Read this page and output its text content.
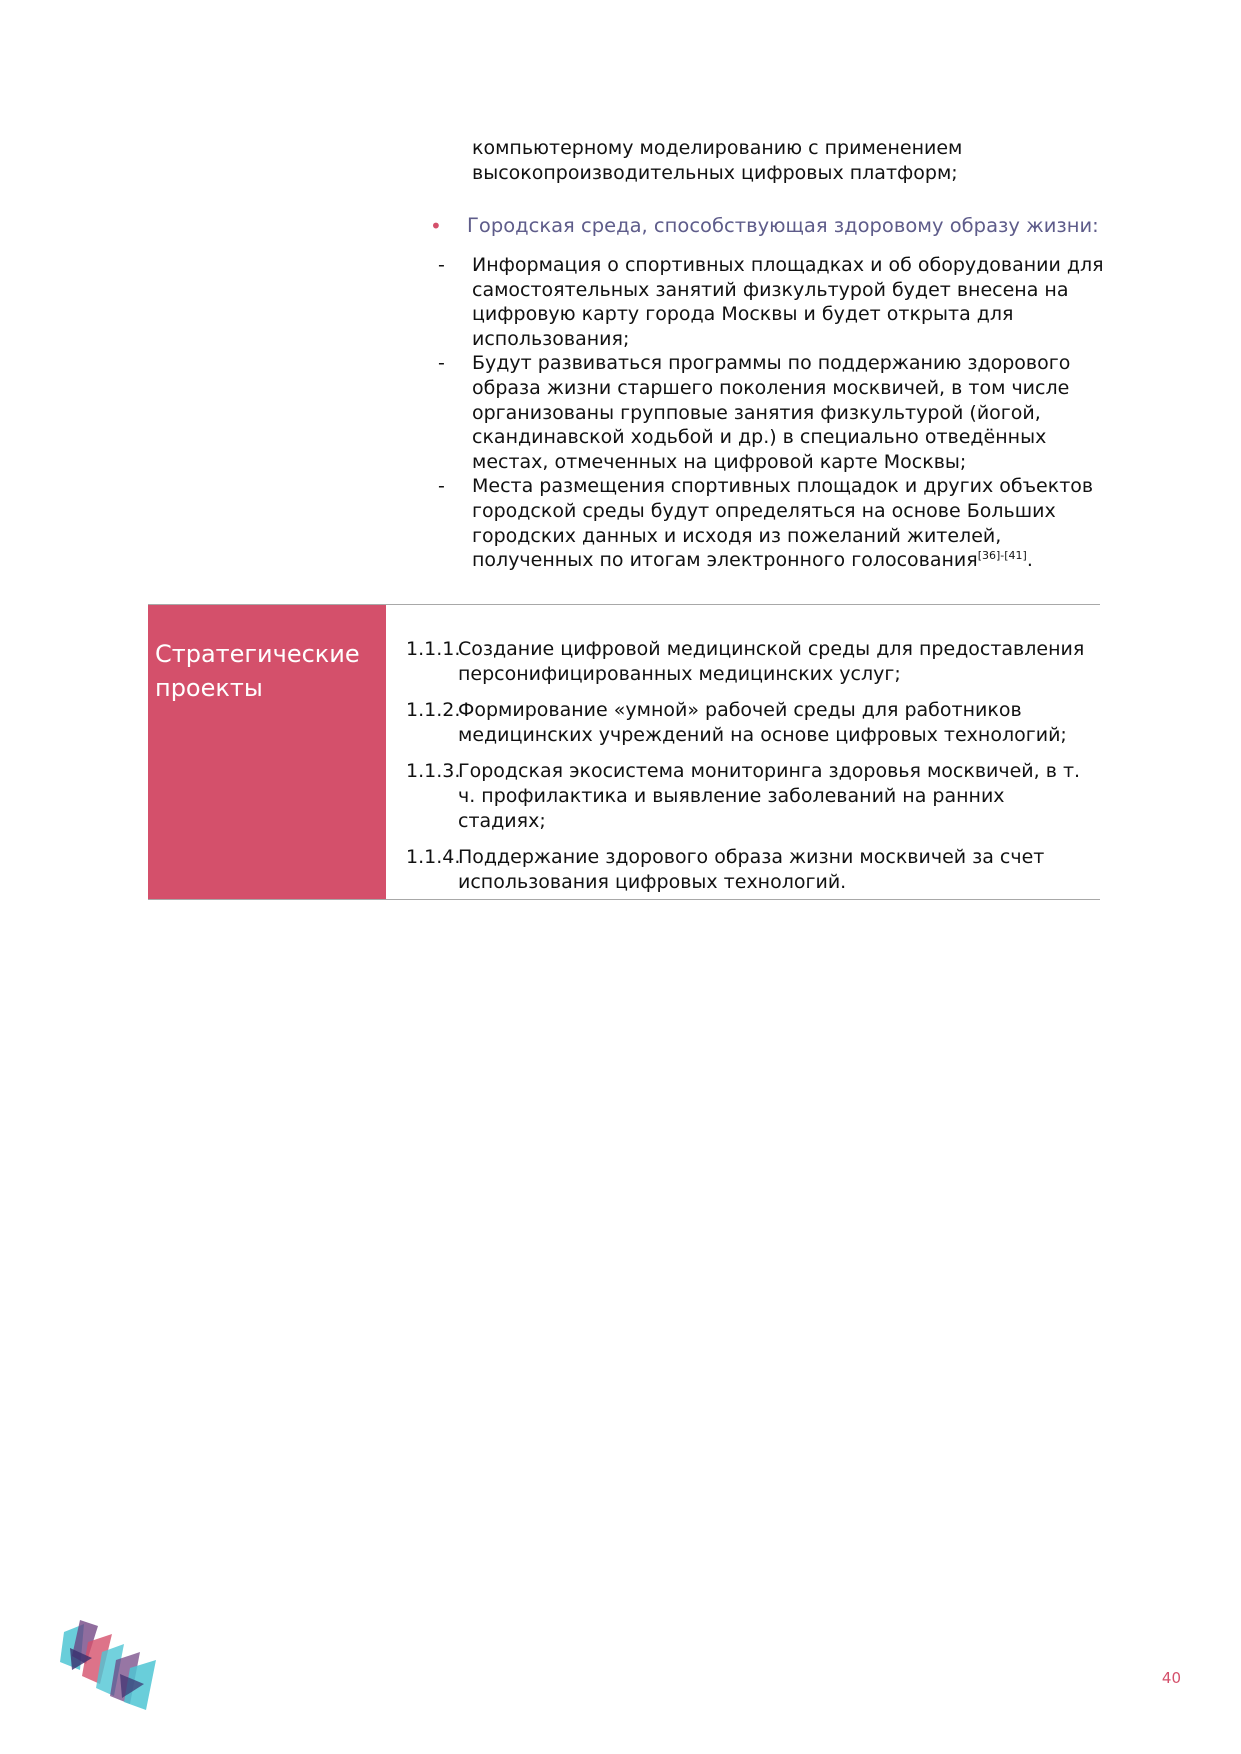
компьютерному моделированию с применением
высокопроизводительных цифровых платформ;

• Городская среда, способствующая здоровому образу жизни:
- Информация о спортивных площадках и об оборудовании для самостоятельных занятий физкультурой будет внесена на цифровую карту города Москвы и будет открыта для использования;
- Будут развиваться программы по поддержанию здорового образа жизни старшего поколения москвичей, в том числе организованы групповые занятия физкультурой (йогой, скандинавской ходьбой и др.) в специально отведённых местах, отмеченных на цифровой карте Москвы;
- Места размещения спортивных площадок и других объектов городской среды будут определяться на основе Больших городских данных и исходя из пожеланий жителей, полученных по итогам электронного голосования[36]-[41].
Стратегические проекты
1.1.1.
Создание цифровой медицинской среды для предоставления персонифицированных медицинских услуг;
1.1.2.
Формирование «умной» рабочей среды для работников медицинских учреждений на основе цифровых технологий;
1.1.3.
Городская экосистема мониторинга здоровья москвичей, в т. ч. профилактика и выявление заболеваний на ранних стадиях;
1.1.4.
Поддержание здорового образа жизни москвичей за счет использования цифровых технологий.
40
